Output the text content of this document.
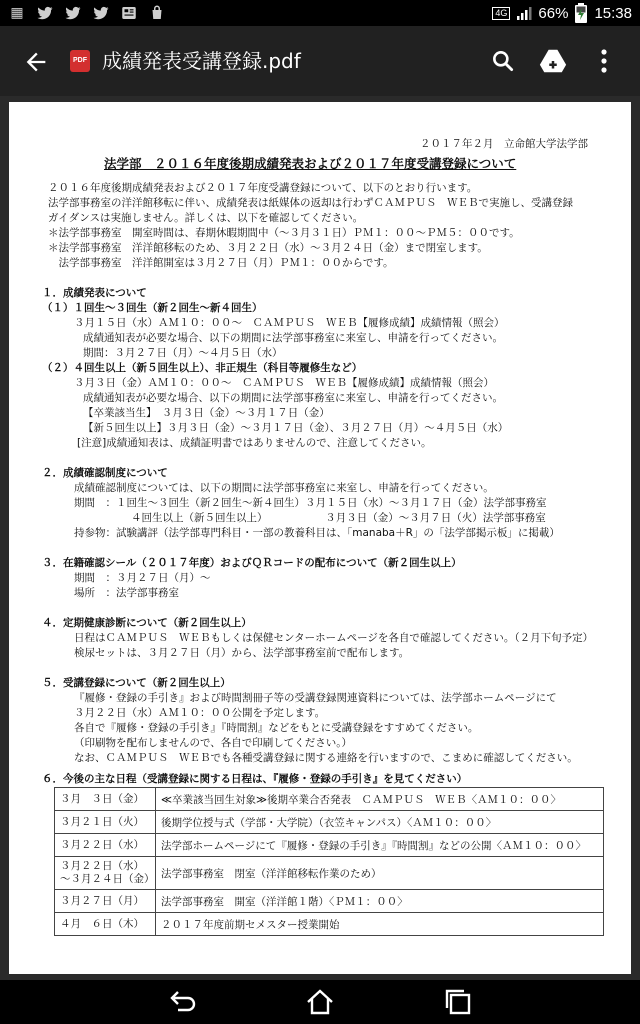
▦	4G 66% 15:38
PDF 成績発表受講登録.pdf
２０１７年２月　立命館大学法学部
法学部　２０１６年度後期成績発表および２０１７年度受講登録について
２０１６年度後期成績発表および２０１７年度受講登録について、以下のとおり行います。
法学部事務室の洋洋館移転に伴い、成績発表は紙媒体の返却は行わずＣＡＭＰＵＳ　ＷＥＢで実施し、受講登録
ガイダンスは実施しません。詳しくは、以下を確認してください。
＊法学部事務室　開室時間は、春期休暇期間中（～３月３１日）ＰＭ１：００～ＰＭ５：００です。
＊法学部事務室　洋洋館移転のため、３月２２日（水）～３月２４日（金）まで閉室します。
　法学部事務室　洋洋館開室は３月２７日（月）ＰＭ１：００からです。
１．成績発表について
（１）１回生～３回生（新２回生～新４回生）
３月１５日（水）ＡＭ１０：００～　ＣＡＭＰＵＳ　ＷＥＢ【履修成績】成績情報（照会）
成績通知表が必要な場合、以下の期間に法学部事務室に来室し、申請を行ってください。
期間：３月２７日（月）～４月５日（水）
（２）４回生以上（新５回生以上）、非正規生（科目等履修生など）
３月３日（金）ＡＭ１０：００～　ＣＡＭＰＵＳ　ＷＥＢ【履修成績】成績情報（照会）
成績通知表が必要な場合、以下の期間に法学部事務室に来室し、申請を行ってください。
【卒業該当生】　３月３日（金）～３月１７日（金）
【新５回生以上】３月３日（金）～３月１７日（金）、３月２７日（月）～４月５日（水）
[注意]成績通知表は、成績証明書ではありませんので、注意してください。
２．成績確認制度について
成績確認制度については、以下の期間に法学部事務室に来室し、申請を行ってください。
期間　：１回生～３回生（新２回生～新４回生）３月１５日（水）～３月１７日（金）法学部事務室
４回生以上（新５回生以上）　　　　　　３月３日（金）～３月７日（火）法学部事務室
持参物：試験講評（法学部専門科目・一部の教養科目は、「manaba＋R」の「法学部掲示板」に掲載）
３．在籍確認シール（２０１７年度）およびＱＲコードの配布について（新２回生以上）
期間　：３月２７日（月）～
場所　：法学部事務室
４．定期健康診断について（新２回生以上）
日程はＣＡＭＰＵＳ　ＷＥＢもしくは保健センターホームページを各自で確認してください。（２月下旬予定）
検尿セットは、３月２７日（月）から、法学部事務室前で配布します。
５．受講登録について（新２回生以上）
『履修・登録の手引き』および時間割冊子等の受講登録関連資料については、法学部ホームページにて
３月２２日（水）ＡＭ１０：００公開を予定します。
各自で『履修・登録の手引き』『時間割』などをもとに受講登録をすすめてください。
（印刷物を配布しませんので、各自で印刷してください。）
なお、ＣＡＭＰＵＳ　ＷＥＢでも各種受講登録に関する連絡を行いますので、こまめに確認してください。
６．今後の主な日程（受講登録に関する日程は、『履修・登録の手引き』を見てください）
３月　３日（金）	≪卒業該当回生対象≫後期卒業合否発表　ＣＡＭＰＵＳ　ＷＥＢ〈ＡＭ１０：００〉
３月２１日（火）	後期学位授与式（学部・大学院）（衣笠キャンパス）〈ＡＭ１０：００〉
３月２２日（水）	法学部ホームページにて『履修・登録の手引き』『時間割』などの公開〈ＡＭ１０：００〉
３月２２日（水）
～３月２４日（金）	法学部事務室　閉室（洋洋館移転作業のため）
３月２７日（月）	法学部事務室　開室（洋洋館１階）〈ＰＭ１：００〉
４月　６日（木）	２０１７年度前期セメスター授業開始
